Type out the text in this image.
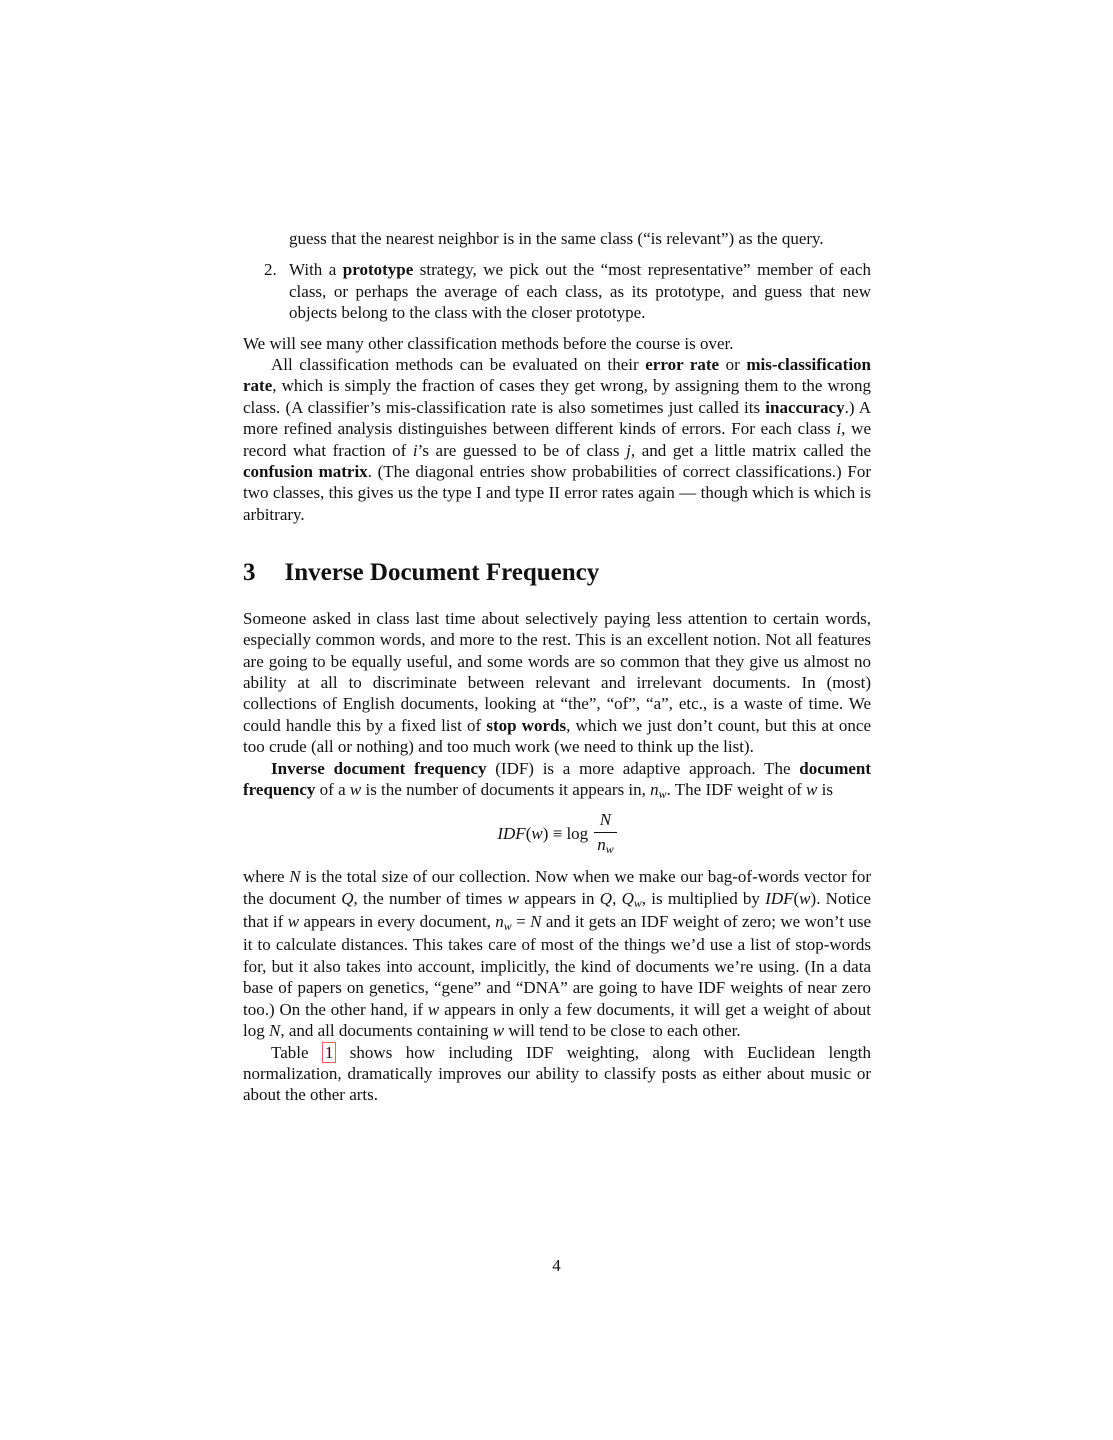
guess that the nearest neighbor is in the same class (“is relevant”) as the query.
2. With a prototype strategy, we pick out the “most representative” member of each class, or perhaps the average of each class, as its prototype, and guess that new objects belong to the class with the closer prototype.

We will see many other classification methods before the course is over.

All classification methods can be evaluated on their error rate or mis-classification rate, which is simply the fraction of cases they get wrong, by assigning them to the wrong class. (A classifier’s mis-classification rate is also sometimes just called its inaccuracy.) A more refined analysis distinguishes between different kinds of errors. For each class i, we record what fraction of i’s are guessed to be of class j, and get a little matrix called the confusion matrix. (The diagonal entries show probabilities of correct classifications.) For two classes, this gives us the type I and type II error rates again — though which is which is arbitrary.

3 Inverse Document Frequency

Someone asked in class last time about selectively paying less attention to certain words, especially common words, and more to the rest. This is an excellent notion. Not all features are going to be equally useful, and some words are so common that they give us almost no ability at all to discriminate between relevant and irrelevant documents. In (most) collections of English documents, looking at “the”, “of”, “a”, etc., is a waste of time. We could handle this by a fixed list of stop words, which we just don’t count, but this at once too crude (all or nothing) and too much work (we need to think up the list).

Inverse document frequency (IDF) is a more adaptive approach. The document frequency of a w is the number of documents it appears in, nw. The IDF weight of w is

$IDF(w) \equiv \log \frac{N}{nw}$

where N is the total size of our collection. Now when we make our bag-of-words vector for the document Q, the number of times w appears in Q, Qw, is multiplied by IDF(w). Notice that if w appears in every document, nw = N and it gets an IDF weight of zero; we won’t use it to calculate distances. This takes care of most of the things we’d use a list of stop-words for, but it also takes into account, implicitly, the kind of documents we’re using. (In a data base of papers on genetics, “gene” and “DNA” are going to have IDF weights of near zero too.) On the other hand, if w appears in only a few documents, it will get a weight of about log N, and all documents containing w will tend to be close to each other.

Table 1 shows how including IDF weighting, along with Euclidean length normalization, dramatically improves our ability to classify posts as either about music or about the other arts.

4
